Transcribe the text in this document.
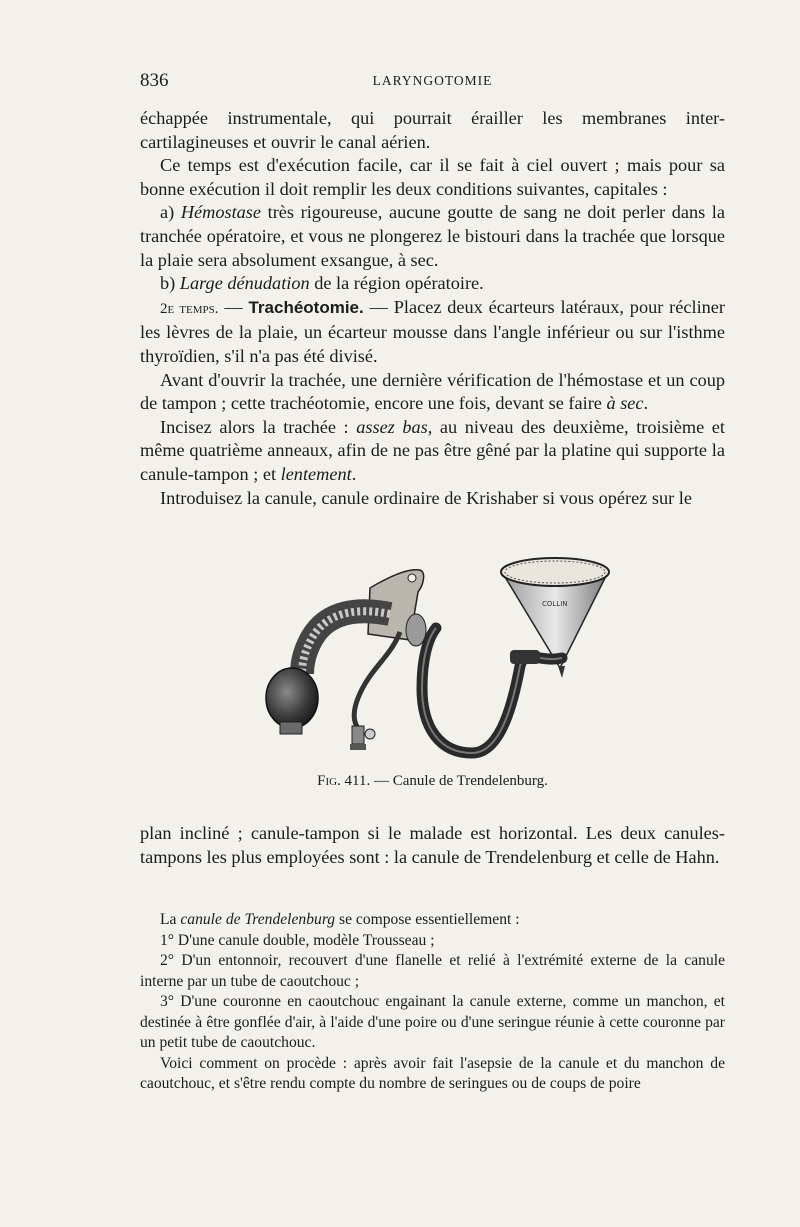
836	LARYNGOTOMIE

échappée instrumentale, qui pourrait érailler les membranes inter-cartilagineuses et ouvrir le canal aérien.

Ce temps est d'exécution facile, car il se fait à ciel ouvert ; mais pour sa bonne exécution il doit remplir les deux conditions suivantes, capitales :

a) Hémostase très rigoureuse, aucune goutte de sang ne doit perler dans la tranchée opératoire, et vous ne plongerez le bistouri dans la trachée que lorsque la plaie sera absolument exsangue, à sec.

b) Large dénudation de la région opératoire.

2e temps. — Trachéotomie. — Placez deux écarteurs latéraux, pour récliner les lèvres de la plaie, un écarteur mousse dans l'angle inférieur ou sur l'isthme thyroïdien, s'il n'a pas été divisé.

Avant d'ouvrir la trachée, une dernière vérification de l'hémostase et un coup de tampon ; cette trachéotomie, encore une fois, devant se faire à sec.

Incisez alors la trachée : assez bas, au niveau des deuxième, troisième et même quatrième anneaux, afin de ne pas être gêné par la platine qui supporte la canule-tampon ; et lentement.

Introduisez la canule, canule ordinaire de Krishaber si vous opérez sur le

COLLIN
Fig. 411. — Canule de Trendelenburg.

plan incliné ; canule-tampon si le malade est horizontal. Les deux canules-tampons les plus employées sont : la canule de Trendelenburg et celle de Hahn.

La canule de Trendelenburg se compose essentiellement :

1° D'une canule double, modèle Trousseau ;

2° D'un entonnoir, recouvert d'une flanelle et relié à l'extrémité externe de la canule interne par un tube de caoutchouc ;

3° D'une couronne en caoutchouc engainant la canule externe, comme un manchon, et destinée à être gonflée d'air, à l'aide d'une poire ou d'une seringue réunie à cette couronne par un petit tube de caoutchouc.

Voici comment on procède : après avoir fait l'asepsie de la canule et du manchon de caoutchouc, et s'être rendu compte du nombre de seringues ou de coups de poire
